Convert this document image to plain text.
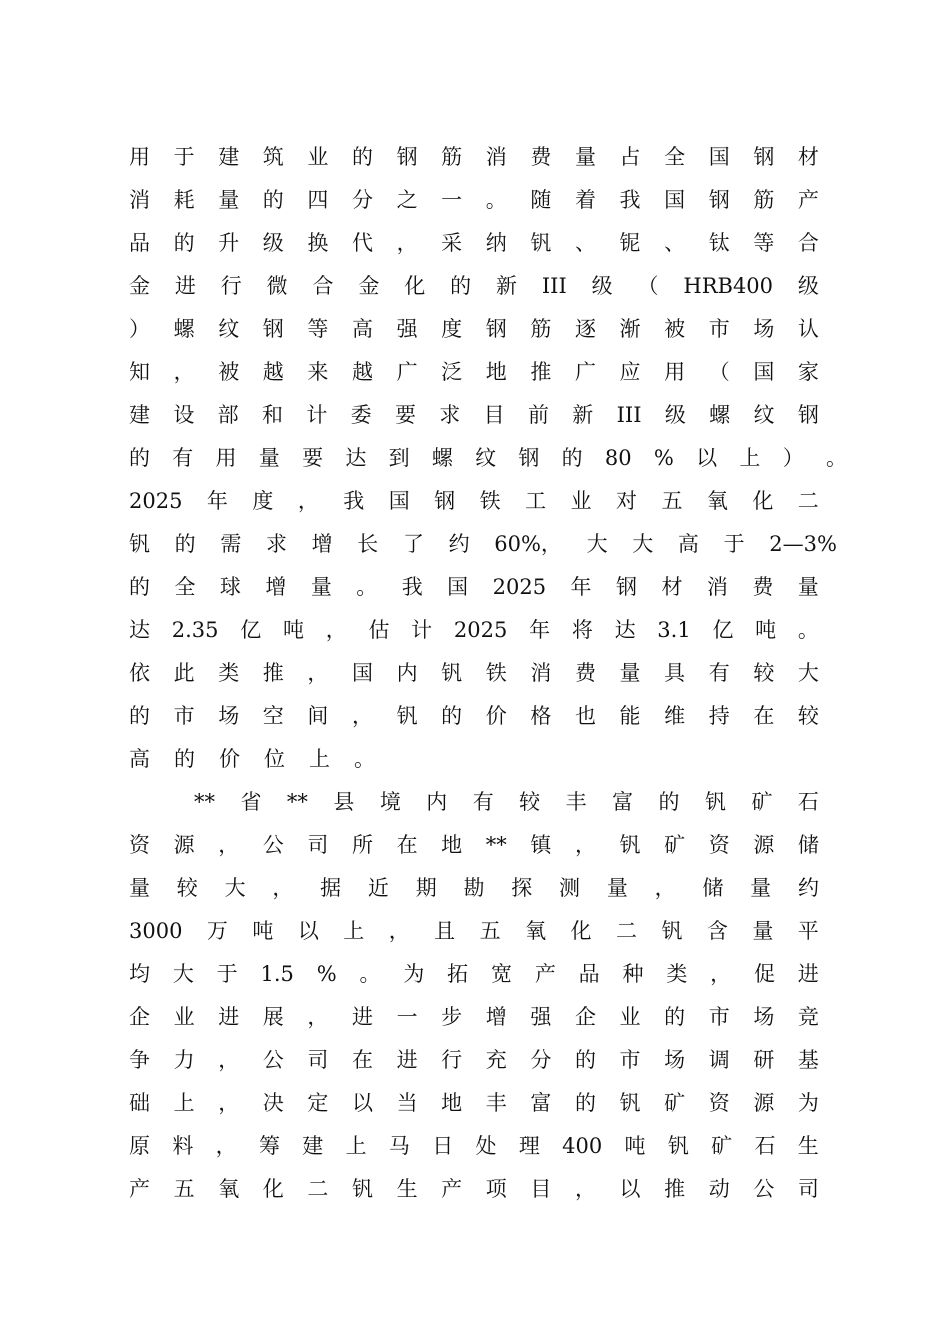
用 于 建 筑 业 的 钢 筋 消 费 量 占 全 国 钢 材
消 耗 量 的 四 分 之 一 。 随 着 我 国 钢 筋 产
品 的 升 级 换 代 ， 采 纳 钒 、 铌 、 钛 等 合
金 进 行 微 合 金 化 的 新 III 级 （ HRB400 级
） 螺 纹 钢 等 高 强 度 钢 筋 逐 渐 被 市 场 认
知 ， 被 越 来 越 广 泛 地 推 广 应 用 （ 国 家
建 设 部 和 计 委 要 求 目 前 新 III 级 螺 纹 钢
的 有 用 量 要 达 到 螺 纹 钢 的 80 % 以 上 ） 。
2025 年 度 ， 我 国 钢 铁 工 业 对 五 氧 化 二
钒 的 需 求 增 长 了 约 60%， 大 大 高 于 2—3%
的 全 球 增 量 。 我 国 2025 年 钢 材 消 费 量
达 2.35 亿 吨 ， 估 计 2025 年 将 达 3.1 亿 吨 。
依 此 类 推 ， 国 内 钒 铁 消 费 量 具 有 较 大
的 市 场 空 间 ， 钒 的 价 格 也 能 维 持 在 较
高 的 价 位 上 。
** 省 ** 县 境 内 有 较 丰 富 的 钒 矿 石
资 源 ， 公 司 所 在 地 ** 镇 ， 钒 矿 资 源 储
量 较 大 ， 据 近 期 勘 探 测 量 ， 储 量 约
3000 万 吨 以 上 ， 且 五 氧 化 二 钒 含 量 平
均 大 于 1.5 % 。 为 拓 宽 产 品 种 类 ， 促 进
企 业 进 展 ， 进 一 步 增 强 企 业 的 市 场 竞
争 力 ， 公 司 在 进 行 充 分 的 市 场 调 研 基
础 上 ， 决 定 以 当 地 丰 富 的 钒 矿 资 源 为
原 料 ， 筹 建 上 马 日 处 理 400 吨 钒 矿 石 生
产 五 氧 化 二 钒 生 产 项 目 ， 以 推 动 公 司
